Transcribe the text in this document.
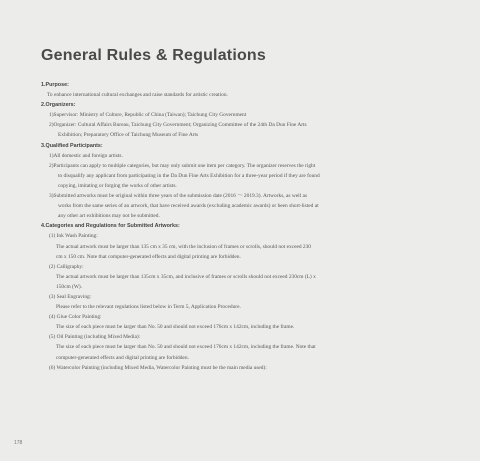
General Rules & Regulations
1.Purpose:
To enhance international cultural exchanges and raise standards for artistic creation.
2.Organizers:
1)Supervisor: Ministry of Culture, Republic of China (Taiwan); Taichung City Government
2)Organizer: Cultural Affairs Bureau, Taichung City Government; Organizing Committee of the 24th Da Dun Fine Arts
Exhibition; Preparatory Office of Taichung Museum of Fine Arts
3.Qualified Participants:
1)All domestic and foreign artists.
2)Participants can apply to multiple categories, but may only submit one item per category. The organizer reserves the right
to disqualify any applicant from participating in the Da Dun Fine Arts Exhibition for a three-year period if they are found
copying, imitating or forging the works of other artists.
3)Submitted artworks must be original within three years of the submission date (2016 ～ 2019.3). Artworks, as well as
works from the same series of an artwork, that have received awards (excluding academic awards) or been short-listed at
any other art exhibitions may not be submitted.
4.Categories and Regulations for Submitted Artworks:
(1) Ink Wash Painting:
The actual artwork must be larger than 135 cm x 35 cm, with the inclusion of frames or scrolls, should not exceed 230
cm x 150 cm. Note that computer-generated effects and digital printing are forbidden.
(2) Calligraphy:
The actual artwork must be larger than 135cm x 35cm, and inclusive of frames or scrolls should not exceed 230cm (L) x
150cm (W).
(3) Seal Engraving:
Please refer to the relevant regulations listed below in Term 5, Application Procedure.
(4) Glue Color Painting:
The size of each piece must be larger than No. 50 and should not exceed 176cm x 142cm, including the frame.
(5) Oil Painting (including Mixed Media):
The size of each piece must be larger than No. 50 and should not exceed 176cm x 142cm, including the frame. Note that
computer-generated effects and digital printing are forbidden.
(6) Watercolor Painting (including Mixed Media, Watercolor Painting must be the main media used):
178
